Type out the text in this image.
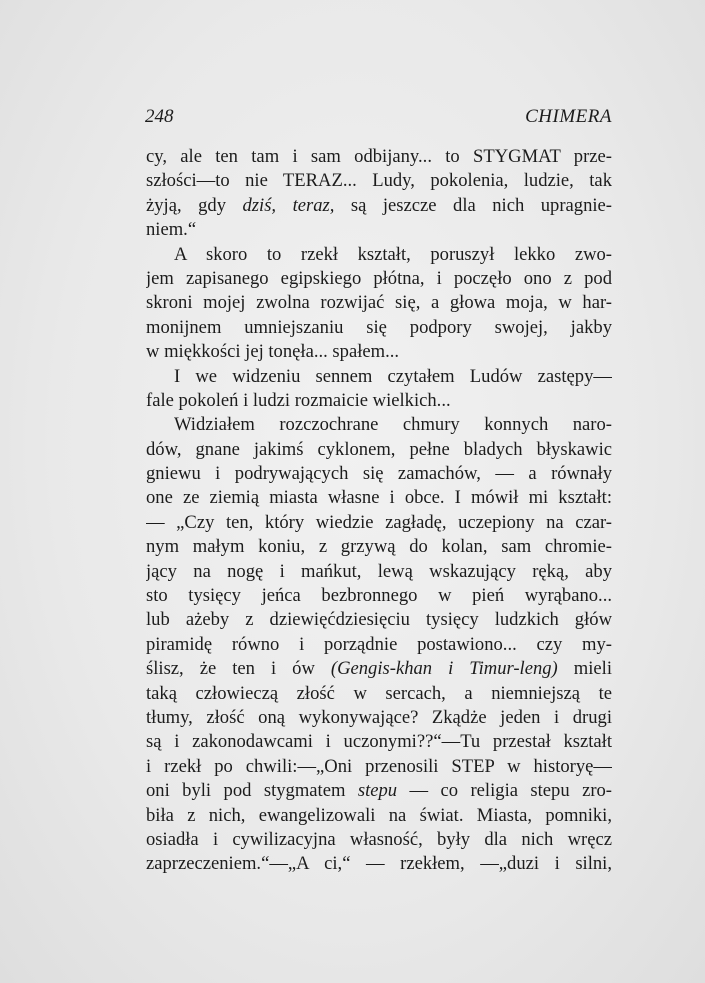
248	CHIMERA
cy, ale ten tam i sam odbijany... to STYGMAT prze-
szłości—to nie TERAZ... Ludy, pokolenia, ludzie, tak
żyją, gdy dziś, teraz, są jeszcze dla nich upragnie-
niem.“
A skoro to rzekł kształt, poruszył lekko zwo-
jem zapisanego egipskiego płótna, i poczęło ono z pod
skroni mojej zwolna rozwijać się, a głowa moja, w har-
monijnem umniejszaniu się podpory swojej, jakby
w miękkości jej tonęła... spałem...
I we widzeniu sennem czytałem Ludów zastępy—
fale pokoleń i ludzi rozmaicie wielkich...
Widziałem rozczochrane chmury konnych naro-
dów, gnane jakimś cyklonem, pełne bladych błyskawic
gniewu i podrywających się zamachów, — a równały
one ze ziemią miasta własne i obce. I mówił mi kształt:
— „Czy ten, który wiedzie zagładę, uczepiony na czar-
nym małym koniu, z grzywą do kolan, sam chromie-
jący na nogę i mańkut, lewą wskazujący ręką, aby
sto tysięcy jeńca bezbronnego w pień wyrąbano...
lub ażeby z dziewięćdziesięciu tysięcy ludzkich głów
piramidę równo i porządnie postawiono... czy my-
ślisz, że ten i ów (Gengis-khan i Timur-leng) mieli
taką człowieczą złość w sercach, a niemniejszą te
tłumy, złość oną wykonywające? Zkądże jeden i drugi
są i zakonodawcami i uczonymi??“—Tu przestał kształt
i rzekł po chwili:—„Oni przenosili STEP w historyę—
oni byli pod stygmatem stepu — co religia stepu zro-
biła z nich, ewangelizowali na świat. Miasta, pomniki,
osiadła i cywilizacyjna własność, były dla nich wręcz
zaprzeczeniem.“—„A ci,“ — rzekłem, —„duzi i silni,
